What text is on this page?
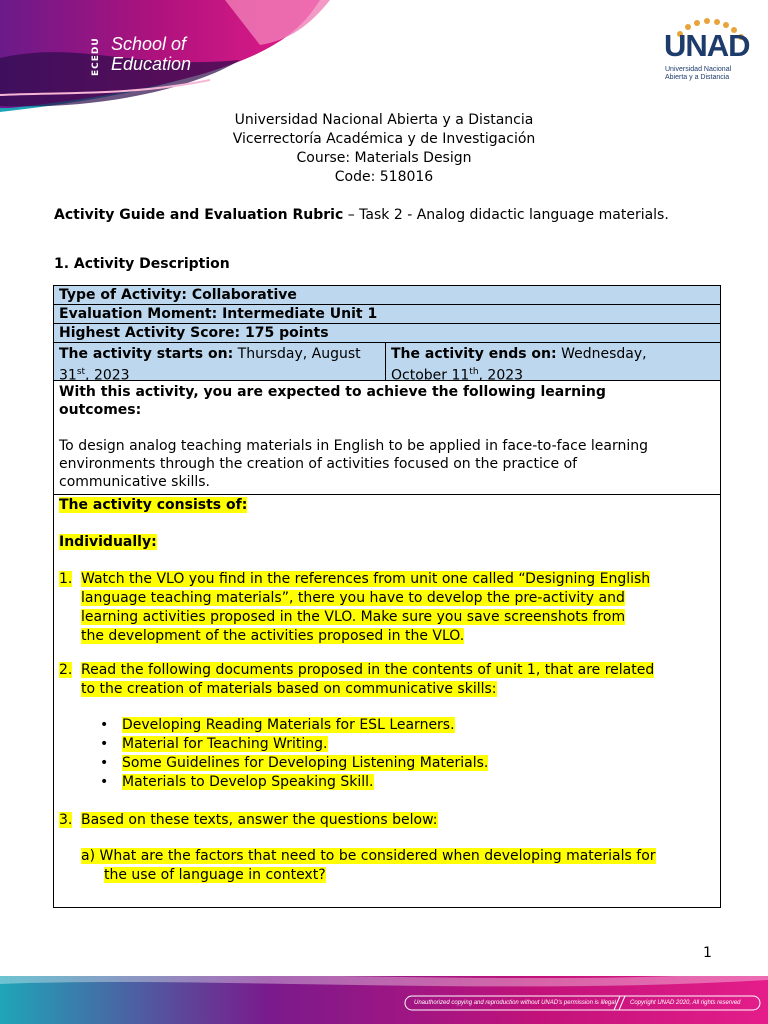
ECEDU School of
Education
UNAD
Universidad Nacional
Abierta y a Distancia
Universidad Nacional Abierta y a Distancia
Vicerrectoría Académica y de Investigación
Course: Materials Design
Code: 518016
Activity Guide and Evaluation Rubric – Task 2 - Analog didactic language materials.
1. Activity Description
Type of Activity: Collaborative
Evaluation Moment: Intermediate Unit 1
Highest Activity Score: 175 points
The activity starts on: Thursday, August
31st, 2023
The activity ends on: Wednesday,
October 11th, 2023
With this activity, you are expected to achieve the following learning
outcomes:
To design analog teaching materials in English to be applied in face-to-face learning
environments through the creation of activities focused on the practice of
communicative skills.
The activity consists of:
Individually:
1. Watch the VLO you find in the references from unit one called “Designing English
language teaching materials”, there you have to develop the pre-activity and
learning activities proposed in the VLO. Make sure you save screenshots from
the development of the activities proposed in the VLO.
2. Read the following documents proposed in the contents of unit 1, that are related
to the creation of materials based on communicative skills:
• Developing Reading Materials for ESL Learners.
• Material for Teaching Writing.
• Some Guidelines for Developing Listening Materials.
• Materials to Develop Speaking Skill.
3. Based on these texts, answer the questions below:
a) What are the factors that need to be considered when developing materials for
the use of language in context?
1
Unauthorized copying and reproduction without UNAD's permission is illegal Copyright UNAD 2020, All rights reserved
